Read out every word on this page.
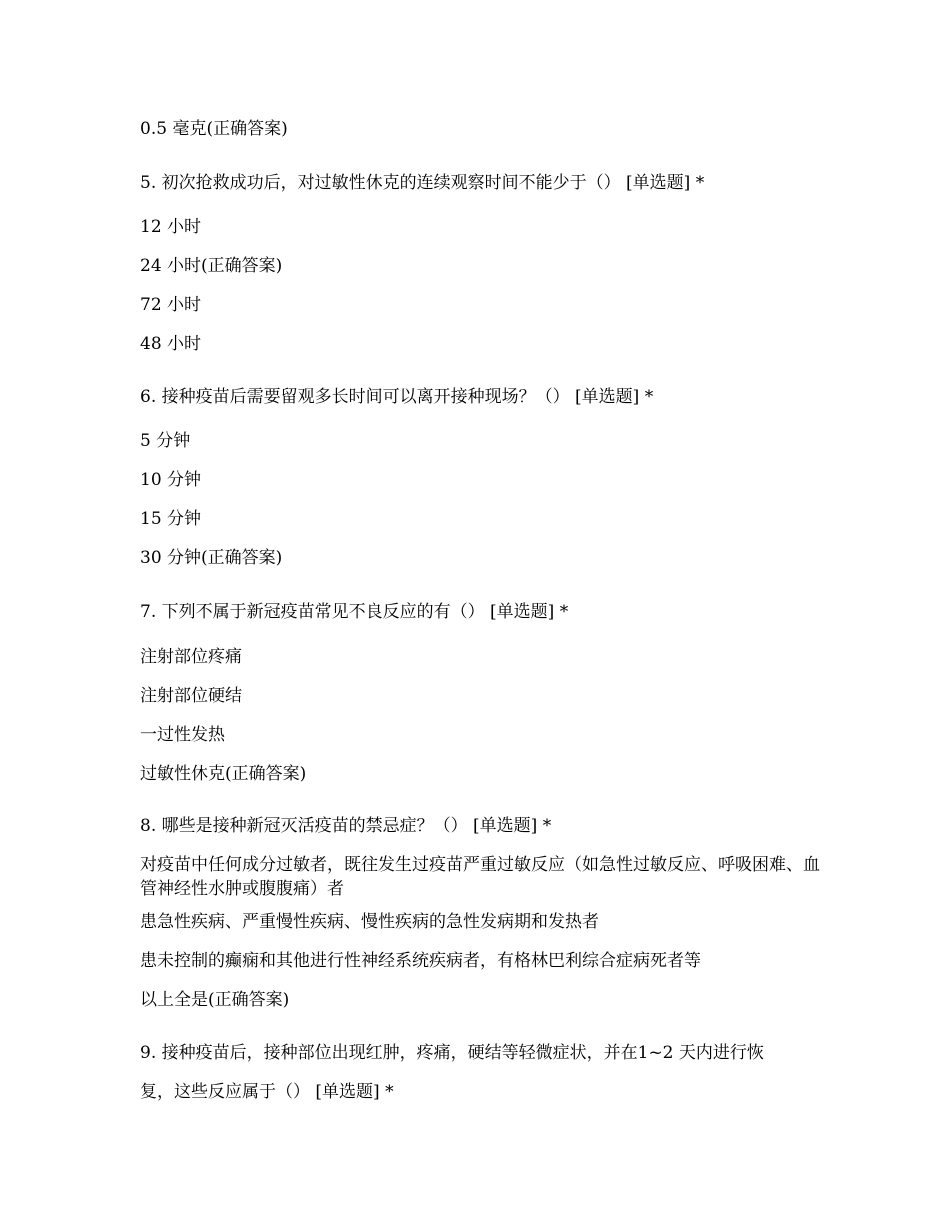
0.5 毫克(正确答案)
5. 初次抢救成功后，对过敏性休克的连续观察时间不能少于（） [单选题] *
12 小时
24 小时(正确答案)
72 小时
48 小时
6. 接种疫苗后需要留观多长时间可以离开接种现场？（） [单选题] *
5 分钟
10 分钟
15 分钟
30 分钟(正确答案)
7. 下列不属于新冠疫苗常见不良反应的有（） [单选题] *
注射部位疼痛
注射部位硬结
一过性发热
过敏性休克(正确答案)
8. 哪些是接种新冠灭活疫苗的禁忌症？（） [单选题] *
对疫苗中任何成分过敏者，既往发生过疫苗严重过敏反应（如急性过敏反应、呼吸困难、血管神经性水肿或腹腹痛）者
患急性疾病、严重慢性疾病、慢性疾病的急性发病期和发热者
患未控制的癫痫和其他进行性神经系统疾病者，有格林巴利综合症病死者等
以上全是(正确答案)
9. 接种疫苗后，接种部位出现红肿，疼痛，硬结等轻微症状，并在1~2 天内进行恢
复，这些反应属于（） [单选题] *
